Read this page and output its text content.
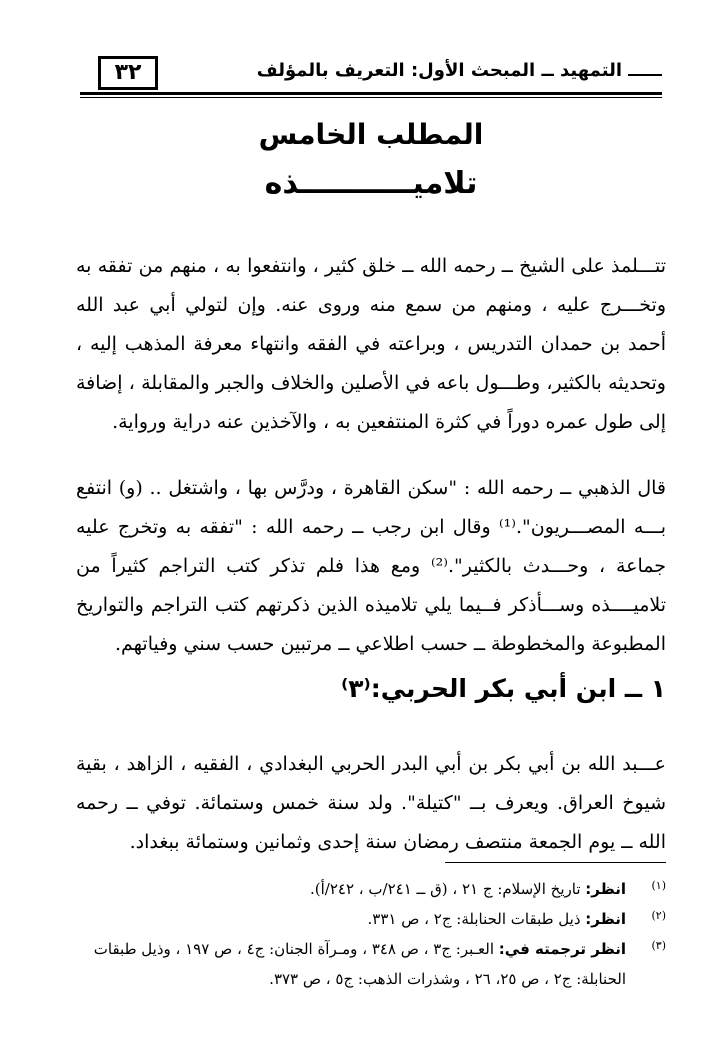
٣٢	التمهيد ــ المبحث الأول: التعريف بالمؤلف
المطلب الخامس
تلاميـــــــــــذه

تتـــلمذ على الشيخ ــ رحمه الله ــ خلق كثير ، وانتفعوا به ، منهم من تفقه به وتخـــرج عليه ، ومنهم من سمع منه وروى عنه. وإن لتولي أبي عبد الله أحمد بن حمدان التدريس ، وبراعته في الفقه وانتهاء معرفة المذهب إليه ، وتحديثه بالكثير، وطـــول باعه في الأصلين والخلاف والجبر والمقابلة ، إضافة إلى طول عمره دوراً في كثرة المنتفعين به ، والآخذين عنه دراية ورواية.

قال الذهبي ــ رحمه الله : "سكن القاهرة ، ودرَّس بها ، واشتغل .. (و) انتفع بـــه المصـــريون".⁽¹⁾ وقال ابن رجب ــ رحمه الله : "تفقه به وتخرج عليه جماعة ، وحـــدث بالكثير".⁽²⁾ ومع هذا فلم تذكر كتب التراجم كثيراً من تلاميــــذه وســـأذكر فــيما يلي تلاميذه الذين ذكرتهم كتب التراجم والتواريخ المطبوعة والمخطوطة ــ حسب اطلاعي ــ مرتبين حسب سني وفياتهم.

١ ــ ابن أبي بكر الحربي:⁽٣⁾

عـــبد الله بن أبي بكر بن أبي البدر الحربي البغدادي ، الفقيه ، الزاهد ، بقية شيوخ العراق. ويعرف بــ "كتيلة". ولد سنة خمس وستمائة. توفي ــ رحمه الله ــ يوم الجمعة منتصف رمضان سنة إحدى وثمانين وستمائة ببغداد.

(١)
انظر: تاريخ الإسلام: ج ٢١ ، (ق ــ ٢٤١/ب ، ٢٤٢/أ).
(٢)
انظر: ذيل طبقات الحنابلة: ج٢ ، ص ٣٣١.
(٣)
انظر ترجمته في: العـبر: ج٣ ، ص ٣٤٨ ، ومـرآة الجنان: ج٤ ، ص ١٩٧ ، وذيل طبقات الحنابلة: ج٢ ، ص ٢٥، ٢٦ ، وشذرات الذهب: ج٥ ، ص ٣٧٣.
